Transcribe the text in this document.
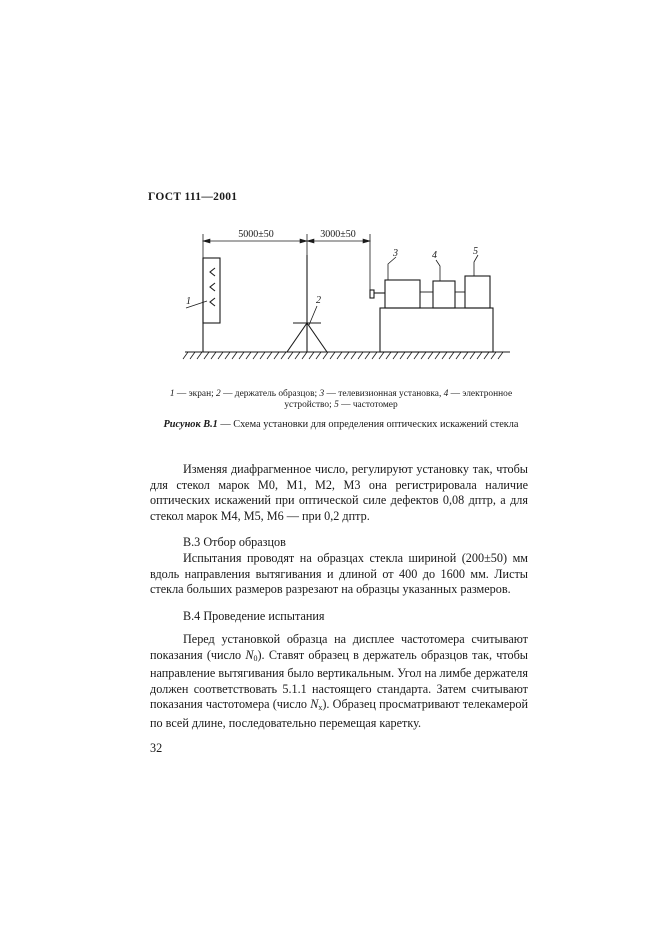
ГОСТ 111—2001
5000±50	3000±50
1	2
3	4	5
1 — экран; 2 — держатель образцов; 3 — телевизионная установка, 4 — электронное устройство; 5 — частотомер
Рисунок В.1 — Схема установки для определения оптических искажений стекла
Изменяя диафрагменное число, регулируют установку так, чтобы для стекол марок М0, М1, М2, М3 она регистрировала наличие оптических искажений при оптической силе дефектов 0,08 дптр, а для стекол марок М4, М5, М6 — при 0,2 дптр.
В.3 Отбор образцов
Испытания проводят на образцах стекла шириной (200±50) мм вдоль направления вытягивания и длиной от 400 до 1600 мм. Листы стекла больших размеров разрезают на образцы указанных размеров.
В.4 Проведение испытания
Перед установкой образца на дисплее частотомера считывают показания (число $N_0$). Ставят образец в держатель образцов так, чтобы направление вытягивания было вертикальным. Угол на лимбе держателя должен соответствовать 5.1.1 настоящего стандарта. Затем считывают показания частотомера (число $N_x$). Образец просматривают телекамерой по всей длине, последовательно перемещая каретку.
32
